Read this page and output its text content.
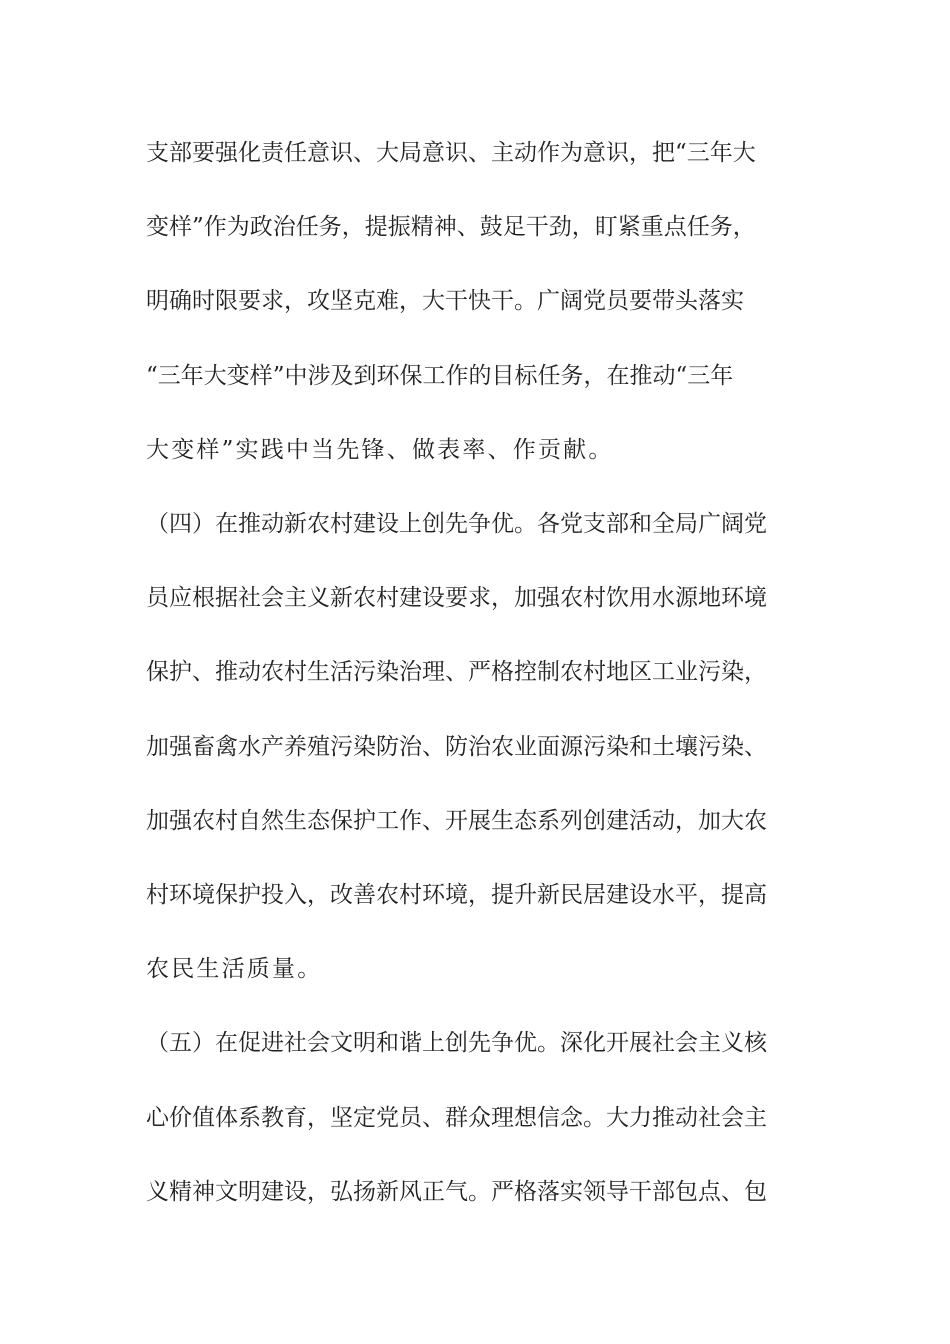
支部要强化责任意识、大局意识、主动作为意识，把“三年大
变样”作为政治任务，提振精神、鼓足干劲，盯紧重点任务，
明确时限要求，攻坚克难，大干快干。广阔党员要带头落实
“三年大变样”中涉及到环保工作的目标任务，在推动“三年
大变样”实践中当先锋、做表率、作贡献。
（四）在推动新农村建设上创先争优。各党支部和全局广阔党
员应根据社会主义新农村建设要求，加强农村饮用水源地环境
保护、推动农村生活污染治理、严格控制农村地区工业污染，
加强畜禽水产养殖污染防治、防治农业面源污染和土壤污染、
加强农村自然生态保护工作、开展生态系列创建活动，加大农
村环境保护投入，改善农村环境，提升新民居建设水平，提高
农民生活质量。
（五）在促进社会文明和谐上创先争优。深化开展社会主义核
心价值体系教育，坚定党员、群众理想信念。大力推动社会主
义精神文明建设，弘扬新风正气。严格落实领导干部包点、包
